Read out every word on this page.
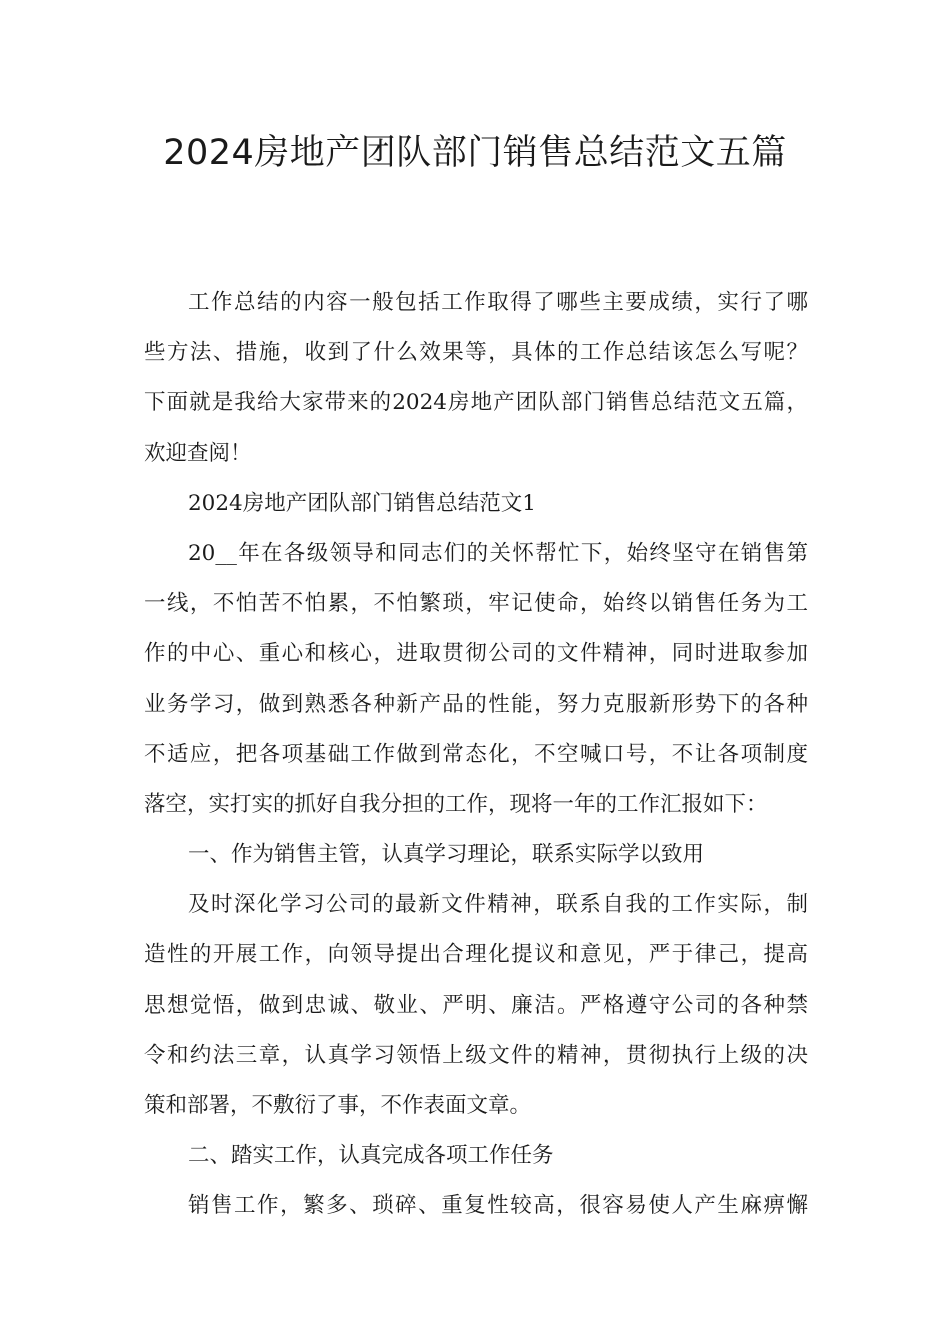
2024房地产团队部门销售总结范文五篇
工作总结的内容一般包括工作取得了哪些主要成绩，实行了哪
些方法、措施，收到了什么效果等，具体的工作总结该怎么写呢？
下面就是我给大家带来的2024房地产团队部门销售总结范文五篇，
欢迎查阅！
2024房地产团队部门销售总结范文1
20__年在各级领导和同志们的关怀帮忙下，始终坚守在销售第
一线，不怕苦不怕累，不怕繁琐，牢记使命，始终以销售任务为工
作的中心、重心和核心，进取贯彻公司的文件精神，同时进取参加
业务学习，做到熟悉各种新产品的性能，努力克服新形势下的各种
不适应，把各项基础工作做到常态化，不空喊口号，不让各项制度
落空，实打实的抓好自我分担的工作，现将一年的工作汇报如下：
一、作为销售主管，认真学习理论，联系实际学以致用
及时深化学习公司的最新文件精神，联系自我的工作实际，制
造性的开展工作，向领导提出合理化提议和意见，严于律己，提高
思想觉悟，做到忠诚、敬业、严明、廉洁。严格遵守公司的各种禁
令和约法三章，认真学习领悟上级文件的精神，贯彻执行上级的决
策和部署，不敷衍了事，不作表面文章。
二、踏实工作，认真完成各项工作任务
销售工作，繁多、琐碎、重复性较高，很容易使人产生麻痹懈
